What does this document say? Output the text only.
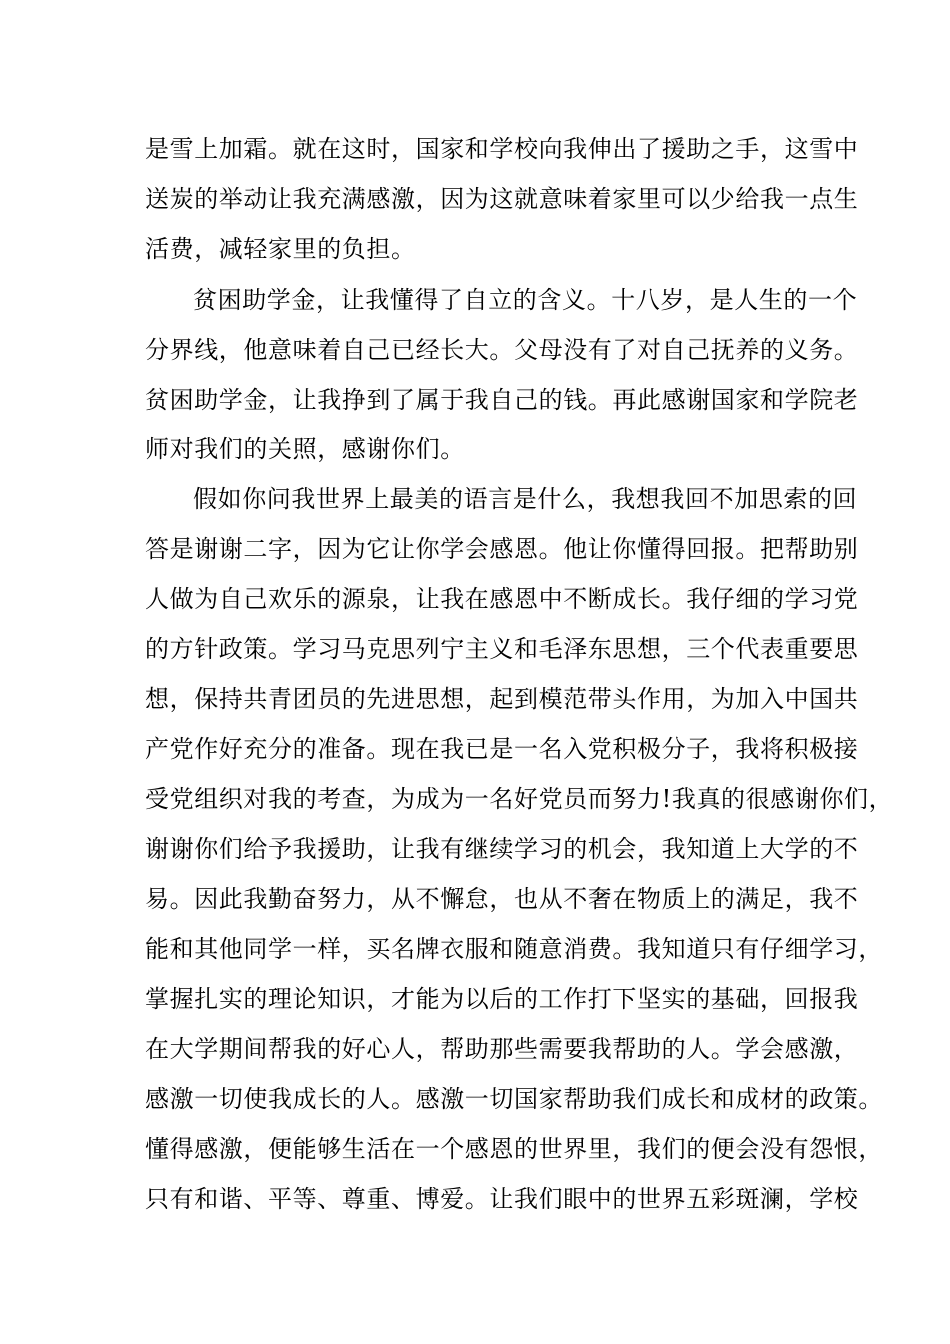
是雪上加霜。就在这时，国家和学校向我伸出了援助之手，这雪中
送炭的举动让我充满感激，因为这就意味着家里可以少给我一点生
活费，减轻家里的负担。
贫困助学金，让我懂得了自立的含义。十八岁，是人生的一个
分界线，他意味着自己已经长大。父母没有了对自己抚养的义务。
贫困助学金，让我挣到了属于我自己的钱。再此感谢国家和学院老
师对我们的关照，感谢你们。
假如你问我世界上最美的语言是什么，我想我回不加思索的回
答是谢谢二字，因为它让你学会感恩。他让你懂得回报。把帮助别
人做为自己欢乐的源泉，让我在感恩中不断成长。我仔细的学习党
的方针政策。学习马克思列宁主义和毛泽东思想，三个代表重要思
想，保持共青团员的先进思想，起到模范带头作用，为加入中国共
产党作好充分的准备。现在我已是一名入党积极分子，我将积极接
受党组织对我的考查，为成为一名好党员而努力!我真的很感谢你们，
谢谢你们给予我援助，让我有继续学习的机会，我知道上大学的不
易。因此我勤奋努力，从不懈怠，也从不奢在物质上的满足，我不
能和其他同学一样，买名牌衣服和随意消费。我知道只有仔细学习，
掌握扎实的理论知识，才能为以后的工作打下坚实的基础，回报我
在大学期间帮我的好心人，帮助那些需要我帮助的人。学会感激，
感激一切使我成长的人。感激一切国家帮助我们成长和成材的政策。
懂得感激，便能够生活在一个感恩的世界里，我们的便会没有怨恨，
只有和谐、平等、尊重、博爱。让我们眼中的世界五彩斑澜，学校
